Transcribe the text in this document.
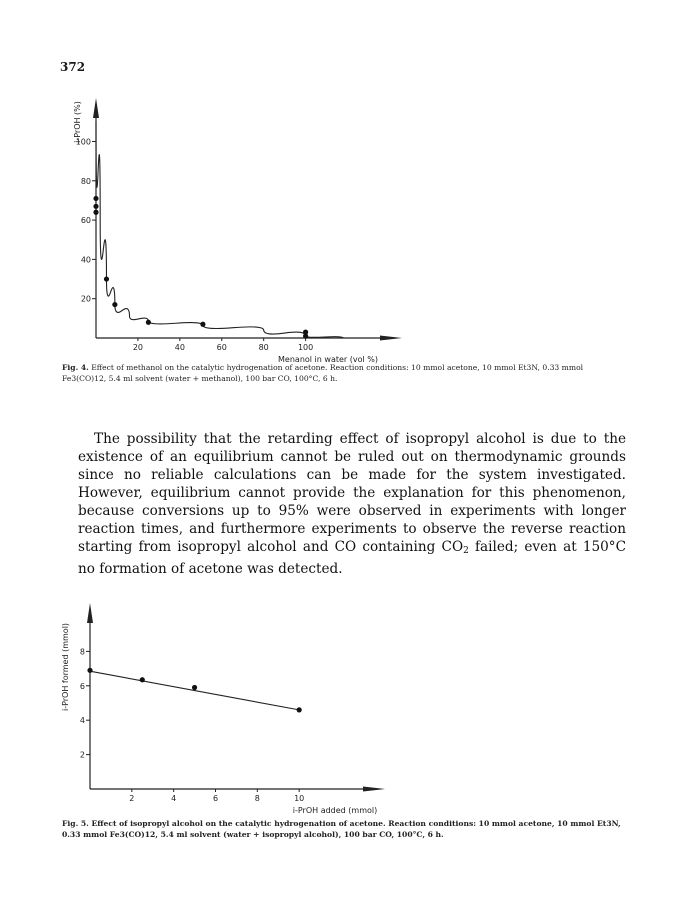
372
20
40
60
80
100
20	40	60	80	100
i-PrOH (%)
Menanol in water (vol %)

Fig. 4. Effect of methanol on the catalytic hydrogenation of acetone. Reaction conditions: 10 mmol acetone, 10 mmol Et3N, 0.33 mmol Fe3(CO)12, 5.4 ml solvent (water + methanol), 100 bar CO, 100°C, 6 h.

The possibility that the retarding effect of isopropyl alcohol is due to the existence of an equilibrium cannot be ruled out on thermodynamic grounds since no reliable calculations can be made for the system investigated. However, equilibrium cannot provide the explanation for this phenomenon, because conversions up to 95% were observed in experiments with longer reaction times, and furthermore experiments to observe the reverse reaction starting from isopropyl alcohol and CO containing $CO_2$ failed; even at 150°C no formation of acetone was detected.

2
4
6
8
2	4	6	8	10
i-PrOH formed (mmol)
i-PrOH added (mmol)

Fig. 5. Effect of isopropyl alcohol on the catalytic hydrogenation of acetone. Reaction conditions: 10 mmol acetone, 10 mmol Et3N, 0.33 mmol Fe3(CO)12, 5.4 ml solvent (water + isopropyl alcohol), 100 bar CO, 100°C, 6 h.
